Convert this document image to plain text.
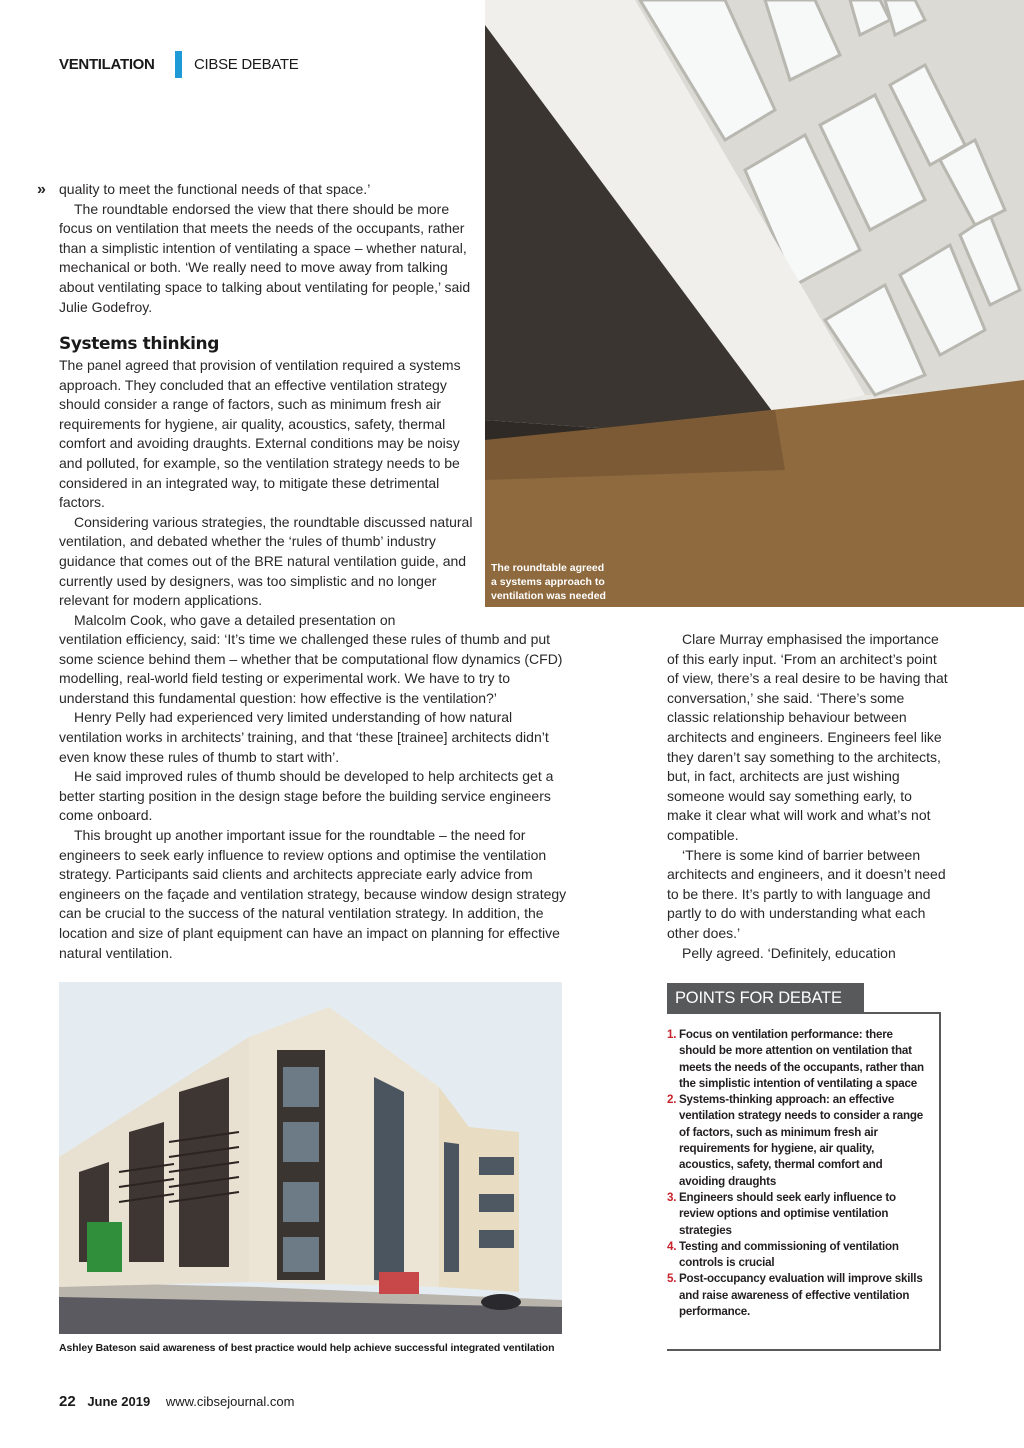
VENTILATION	CIBSE DEBATE
» quality to meet the functional needs of that space.’

The roundtable endorsed the view that there should be more focus on ventilation that meets the needs of the occupants, rather than a simplistic intention of ventilating a space – whether natural, mechanical or both. ‘We really need to move away from talking about ventilating space to talking about ventilating for people,’ said Julie Godefroy.

Systems thinking

The panel agreed that provision of ventilation required a systems approach. They concluded that an effective ventilation strategy should consider a range of factors, such as minimum fresh air requirements for hygiene, air quality, acoustics, safety, thermal comfort and avoiding draughts. External conditions may be noisy and polluted, for example, so the ventilation strategy needs to be considered in an integrated way, to mitigate these detrimental factors.

Considering various strategies, the roundtable discussed natural ventilation, and debated whether the ‘rules of thumb’ industry guidance that comes out of the BRE natural ventilation guide, and currently used by designers, was too simplistic and no longer relevant for modern applications.

Malcolm Cook, who gave a detailed presentation on

The roundtable agreed a systems approach to ventilation was needed

ventilation efficiency, said: ‘It’s time we challenged these rules of thumb and put some science behind them – whether that be computational flow dynamics (CFD) modelling, real-world field testing or experimental work. We have to try to understand this fundamental question: how effective is the ventilation?’

Henry Pelly had experienced very limited understanding of how natural ventilation works in architects’ training, and that ‘these [trainee] architects didn’t even know these rules of thumb to start with’.

He said improved rules of thumb should be developed to help architects get a better starting position in the design stage before the building service engineers come onboard.

This brought up another important issue for the roundtable – the need for engineers to seek early influence to review options and optimise the ventilation strategy. Participants said clients and architects appreciate early advice from engineers on the façade and ventilation strategy, because window design strategy can be crucial to the success of the natural ventilation strategy. In addition, the location and size of plant equipment can have an impact on planning for effective natural ventilation.

Clare Murray emphasised the importance of this early input. ‘From an architect’s point of view, there’s a real desire to be having that conversation,’ she said. ‘There’s some classic relationship behaviour between architects and engineers. Engineers feel like they daren’t say something to the architects, but, in fact, architects are just wishing someone would say something early, to make it clear what will work and what’s not compatible.

‘There is some kind of barrier between architects and engineers, and it doesn’t need to be there. It’s partly to with language and partly to do with understanding what each other does.’

Pelly agreed. ‘Definitely, education

Ashley Bateson said awareness of best practice would help achieve successful integrated ventilation
POINTS FOR DEBATE
1. Focus on ventilation performance: there should be more attention on ventilation that meets the needs of the occupants, rather than the simplistic intention of ventilating a space
2. Systems-thinking approach: an effective ventilation strategy needs to consider a range of factors, such as minimum fresh air requirements for hygiene, air quality, acoustics, safety, thermal comfort and avoiding draughts
3. Engineers should seek early influence to review options and optimise ventilation strategies
4. Testing and commissioning of ventilation controls is crucial
5. Post-occupancy evaluation will improve skills and raise awareness of effective ventilation performance.
22 June 2019 www.cibsejournal.com
